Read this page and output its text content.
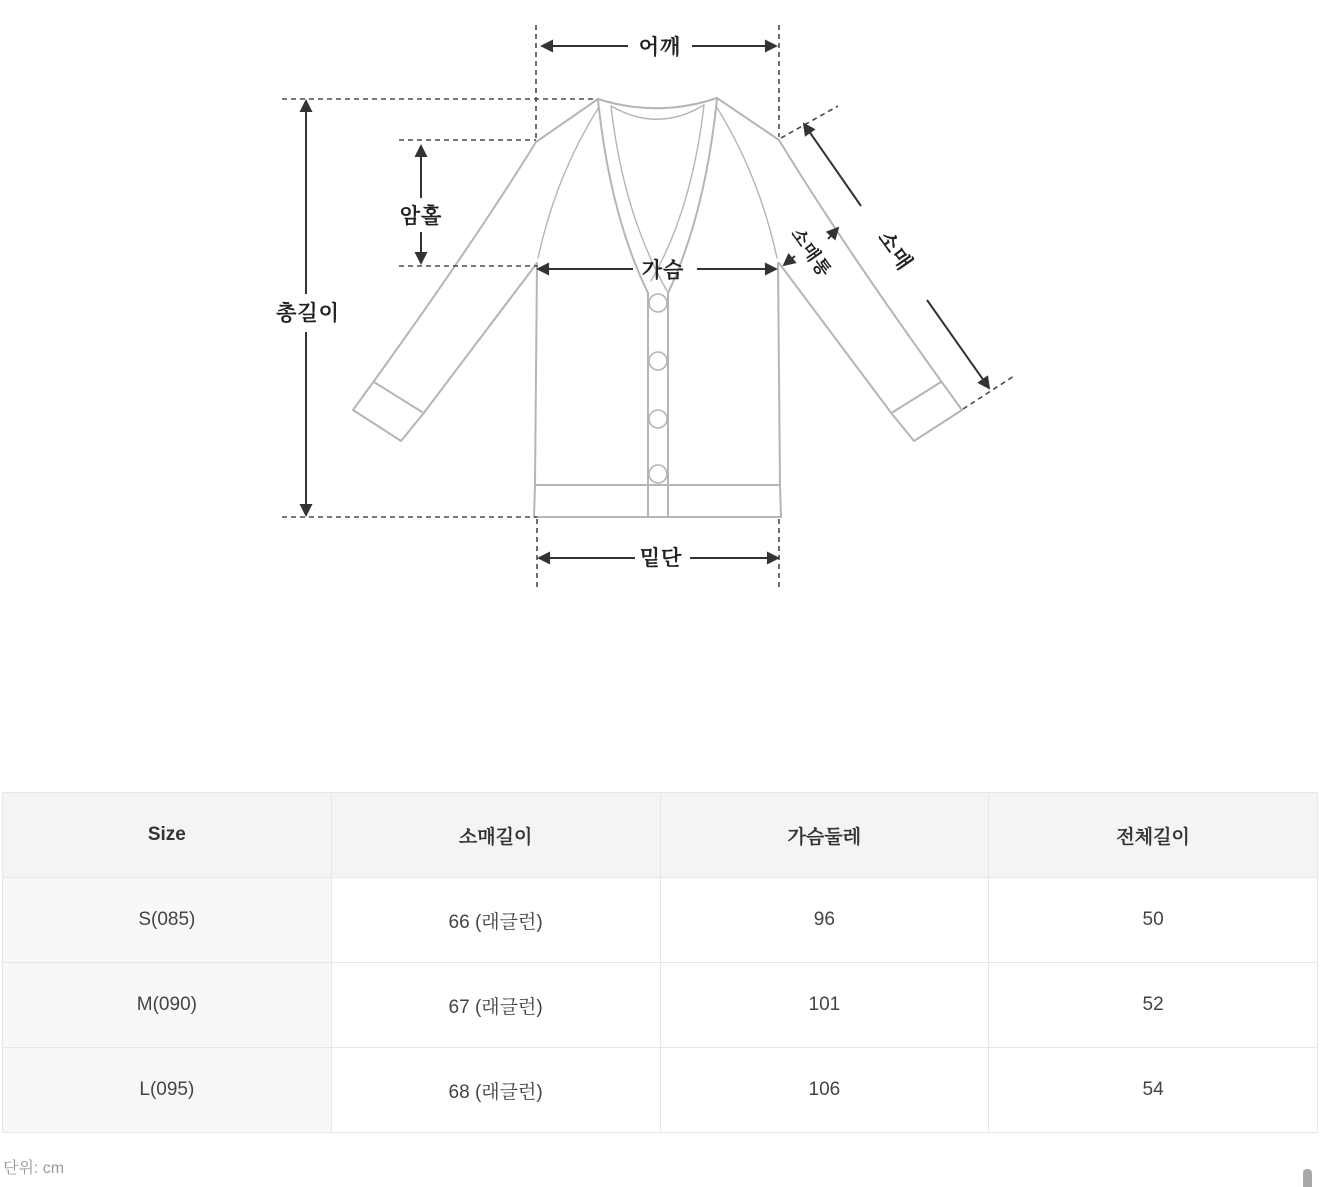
어깨
총길이
암홀
가슴	소매통 소매
밑단
Size	소매길이	가슴둘레	전체길이
S(085)	66 (래글런)	96	50
M(090)	67 (래글런)	101	52
L(095)	68 (래글런)	106	54
단위: cm
